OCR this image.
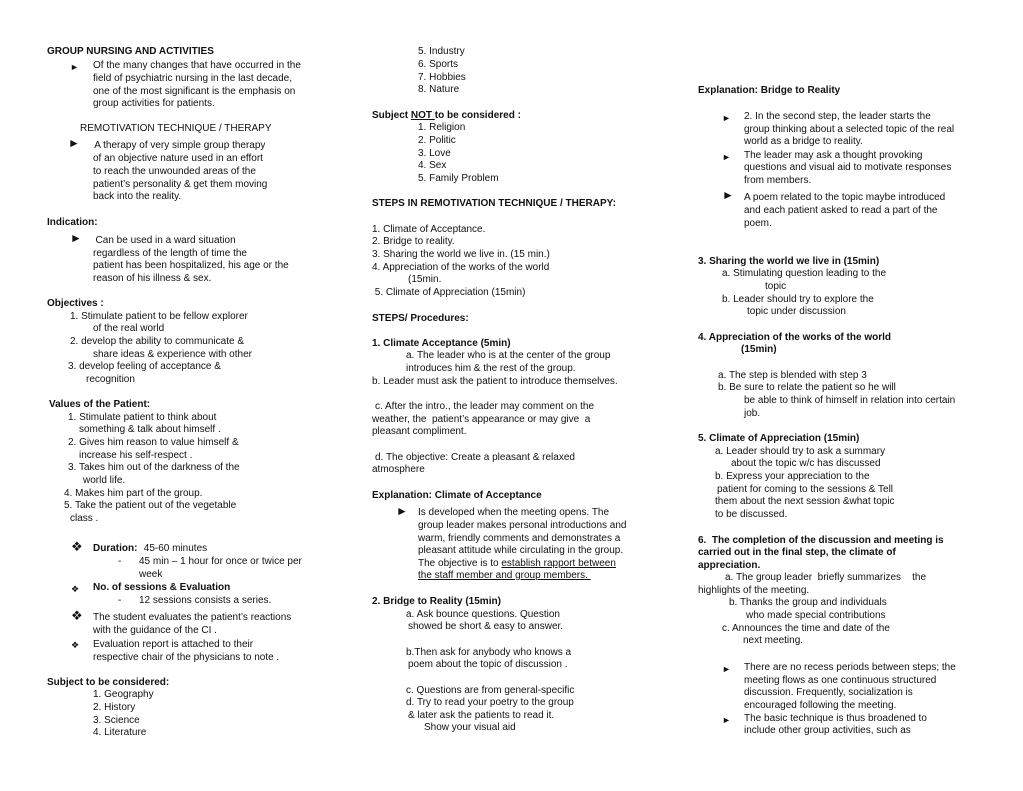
GROUP NURSING AND ACTIVITIES
► Of the many changes that have occurred in the
field of psychiatric nursing in the last decade,
one of the most significant is the emphasis on
group activities for patients.
REMOTIVATION TECHNIQUE / THERAPY
► A therapy of very simple group therapy
of an objective nature used in an effort
to reach the unwounded areas of the
patient’s personality & get them moving
back into the reality.
Indication:
► Can be used in a ward situation
regardless of the length of time the
patient has been hospitalized, his age or the
reason of his illness & sex.
Objectives :
1. Stimulate patient to be fellow explorer
of the real world
2. develop the ability to communicate &
share ideas & experience with other
3. develop feeling of acceptance &
recognition
Values of the Patient:
1. Stimulate patient to think about
something & talk about himself .
2. Gives him reason to value himself &
increase his self-respect .
3. Takes him out of the darkness of the
world life.
4. Makes him part of the group.
5. Take the patient out of the vegetable
class .
❖ Duration: 45-60 minutes
- 45 min – 1 hour for once or twice per
week
❖ No. of sessions & Evaluation
- 12 sessions consists a series.
❖ The student evaluates the patient’s reactions
with the guidance of the CI .
❖ Evaluation report is attached to their
respective chair of the physicians to note .
Subject to be considered:
1. Geography
2. History
3. Science
4. Literature
5. Industry
6. Sports
7. Hobbies
8. Nature
Subject NOT to be considered :
1. Religion
2. Politic
3. Love
4. Sex
5. Family Problem
STEPS IN REMOTIVATION TECHNIQUE / THERAPY:
1. Climate of Acceptance.
2. Bridge to reality.
3. Sharing the world we live in. (15 min.)
4. Appreciation of the works of the world
(15min.
5. Climate of Appreciation (15min)
STEPS/ Procedures:
1. Climate Acceptance (5min)
a. The leader who is at the center of the group
introduces him & the rest of the group.
b. Leader must ask the patient to introduce themselves.
c. After the intro., the leader may comment on the
weather, the  patient’s appearance or may give  a
pleasant compliment.
d. The objective: Create a pleasant & relaxed
atmosphere
Explanation: Climate of Acceptance
► Is developed when the meeting opens. The
group leader makes personal introductions and
warm, friendly comments and demonstrates a
pleasant attitude while circulating in the group.
The objective is to establish rapport between
the staff member and group members.
2. Bridge to Reality (15min)
a. Ask bounce questions. Question
showed be short & easy to answer.
b.Then ask for anybody who knows a
poem about the topic of discussion .
c. Questions are from general-specific
d. Try to read your poetry to the group
& later ask the patients to read it.
Show your visual aid
Explanation: Bridge to Reality
► 2. In the second step, the leader starts the
group thinking about a selected topic of the real
world as a bridge to reality.
► The leader may ask a thought provoking
questions and visual aid to motivate responses
from members.
► A poem related to the topic maybe introduced
and each patient asked to read a part of the
poem.
3. Sharing the world we live in (15min)
a. Stimulating question leading to the
topic
b. Leader should try to explore the
topic under discussion
4. Appreciation of the works of the world
(15min)
a. The step is blended with step 3
b. Be sure to relate the patient so he will
be able to think of himself in relation into certain
job.
5. Climate of Appreciation (15min)
a. Leader should try to ask a summary
about the topic w/c has discussed
b. Express your appreciation to the
patient for coming to the sessions & Tell
them about the next session &what topic
to be discussed.
6.  The completion of the discussion and meeting is
carried out in the final step, the climate of
appreciation.
a. The group leader  briefly summarizes    the
highlights of the meeting.
b. Thanks the group and individuals
who made special contributions
c. Announces the time and date of the
next meeting.
► There are no recess periods between steps; the
meeting flows as one continuous structured
discussion. Frequently, socialization is
encouraged following the meeting.
► The basic technique is thus broadened to
include other group activities, such as
